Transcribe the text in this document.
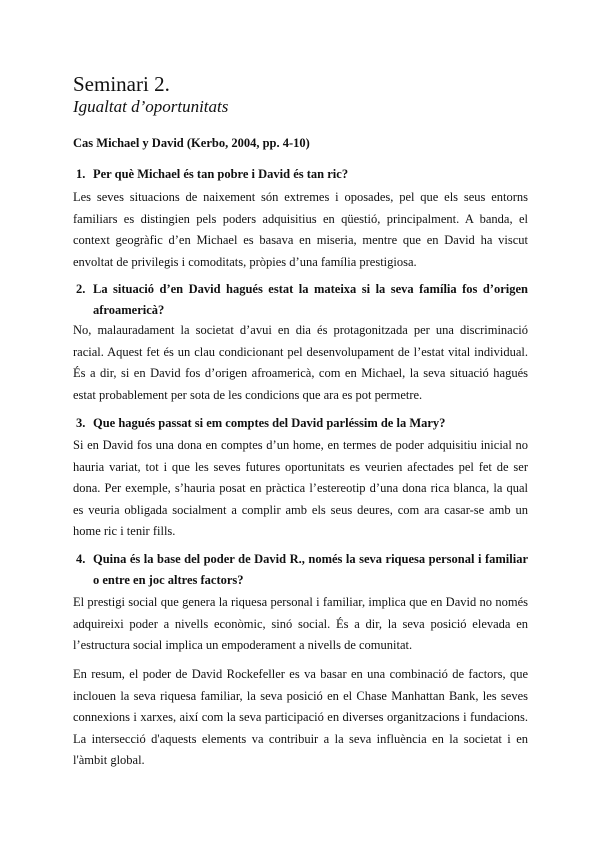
Seminari 2.
Igualtat d’oportunitats

Cas Michael y David (Kerbo, 2004, pp. 4-10)

1. Per què Michael és tan pobre i David és tan ric?

Les seves situacions de naixement són extremes i oposades, pel que els seus entorns familiars es distingien pels poders adquisitius en qüestió, principalment. A banda, el context geogràfic d’en Michael es basava en miseria, mentre que en David ha viscut envoltat de privilegis i comoditats, pròpies d’una família prestigiosa.

2. La situació d’en David hagués estat la mateixa si la seva família fos d’origen afroamericà?

No, malauradament la societat d’avui en dia és protagonitzada per una discriminació racial. Aquest fet és un clau condicionant pel desenvolupament de l’estat vital individual. És a dir, si en David fos d’origen afroamericà, com en Michael, la seva situació hagués estat probablement per sota de les condicions que ara es pot permetre.

3. Que hagués passat si em comptes del David parléssim de la Mary?

Si en David fos una dona en comptes d’un home, en termes de poder adquisitiu inicial no hauria variat, tot i que les seves futures oportunitats es veurien afectades pel fet de ser dona. Per exemple, s’hauria posat en pràctica l’estereotip d’una dona rica blanca, la qual es veuria obligada socialment a complir amb els seus deures, com ara casar-se amb un home ric i tenir fills.

4. Quina és la base del poder de David R., només la seva riquesa personal i familiar o entre en joc altres factors?

El prestigi social que genera la riquesa personal i familiar, implica que en David no només adquireixi poder a nivells econòmic, sinó social. És a dir, la seva posició elevada en l’estructura social implica un empoderament a nivells de comunitat.

En resum, el poder de David Rockefeller es va basar en una combinació de factors, que inclouen la seva riquesa familiar, la seva posició en el Chase Manhattan Bank, les seves connexions i xarxes, així com la seva participació en diverses organitzacions i fundacions. La intersecció d'aquests elements va contribuir a la seva influència en la societat i en l'àmbit global.
